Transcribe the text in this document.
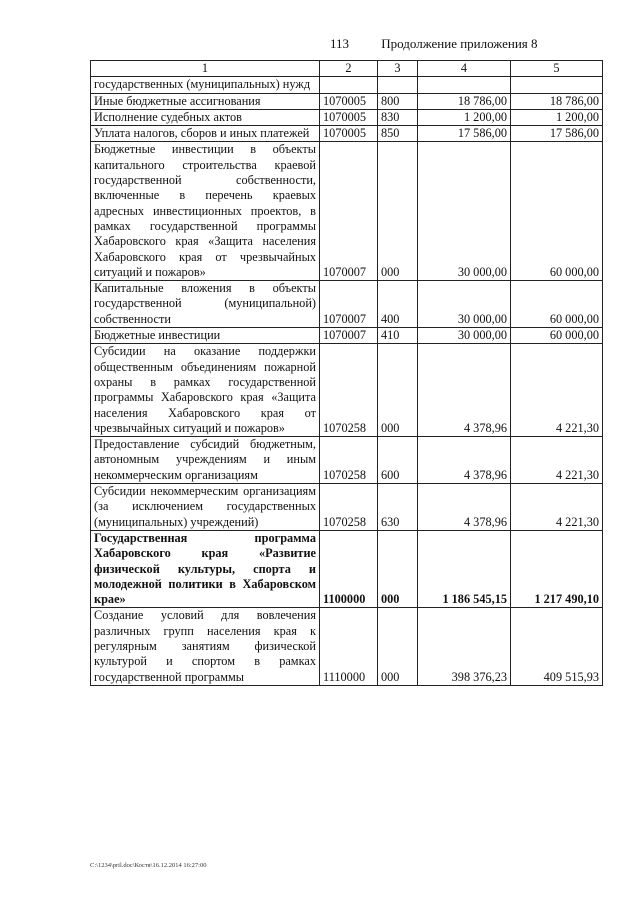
113 Продолжение приложения 8
1	2	3	4	5
государственных (муниципальных) нужд				
Иные бюджетные ассигнования	1070005	800	18 786,00	18 786,00
Исполнение судебных актов	1070005	830	1 200,00	1 200,00
Уплата налогов, сборов и иных платежей	1070005	850	17 586,00	17 586,00
Бюджетные инвестиции в объекты капитального строительства краевой государственной собственности, включенные в перечень краевых адресных инвестиционных проектов, в рамках государственной программы Хабаровского края «Защита населения Хабаровского края от чрезвычайных ситуаций и пожаров»	1070007	000	30 000,00	60 000,00
Капитальные вложения в объекты государственной (муниципальной) собственности	1070007	400	30 000,00	60 000,00
Бюджетные инвестиции	1070007	410	30 000,00	60 000,00
Субсидии на оказание поддержки общественным объединениям пожарной охраны в рамках государственной программы Хабаровского края «Защита населения Хабаровского края от чрезвычайных ситуаций и пожаров»	1070258	000	4 378,96	4 221,30
Предоставление субсидий бюджетным, автономным учреждениям и иным некоммерческим организациям	1070258	600	4 378,96	4 221,30
Субсидии некоммерческим организациям (за исключением государственных (муниципальных) учреждений)	1070258	630	4 378,96	4 221,30
Государственная программа Хабаровского края «Развитие физической культуры, спорта и молодежной политики в Хабаровском крае»	1100000	000	1 186 545,15	1 217 490,10
Создание условий для вовлечения различных групп населения края к регулярным занятиям физической культурой и спортом в рамках государственной программы	1110000	000	398 376,23	409 515,93
C:\1234\pril.doc\Костя\16.12.2014 16:27:00
